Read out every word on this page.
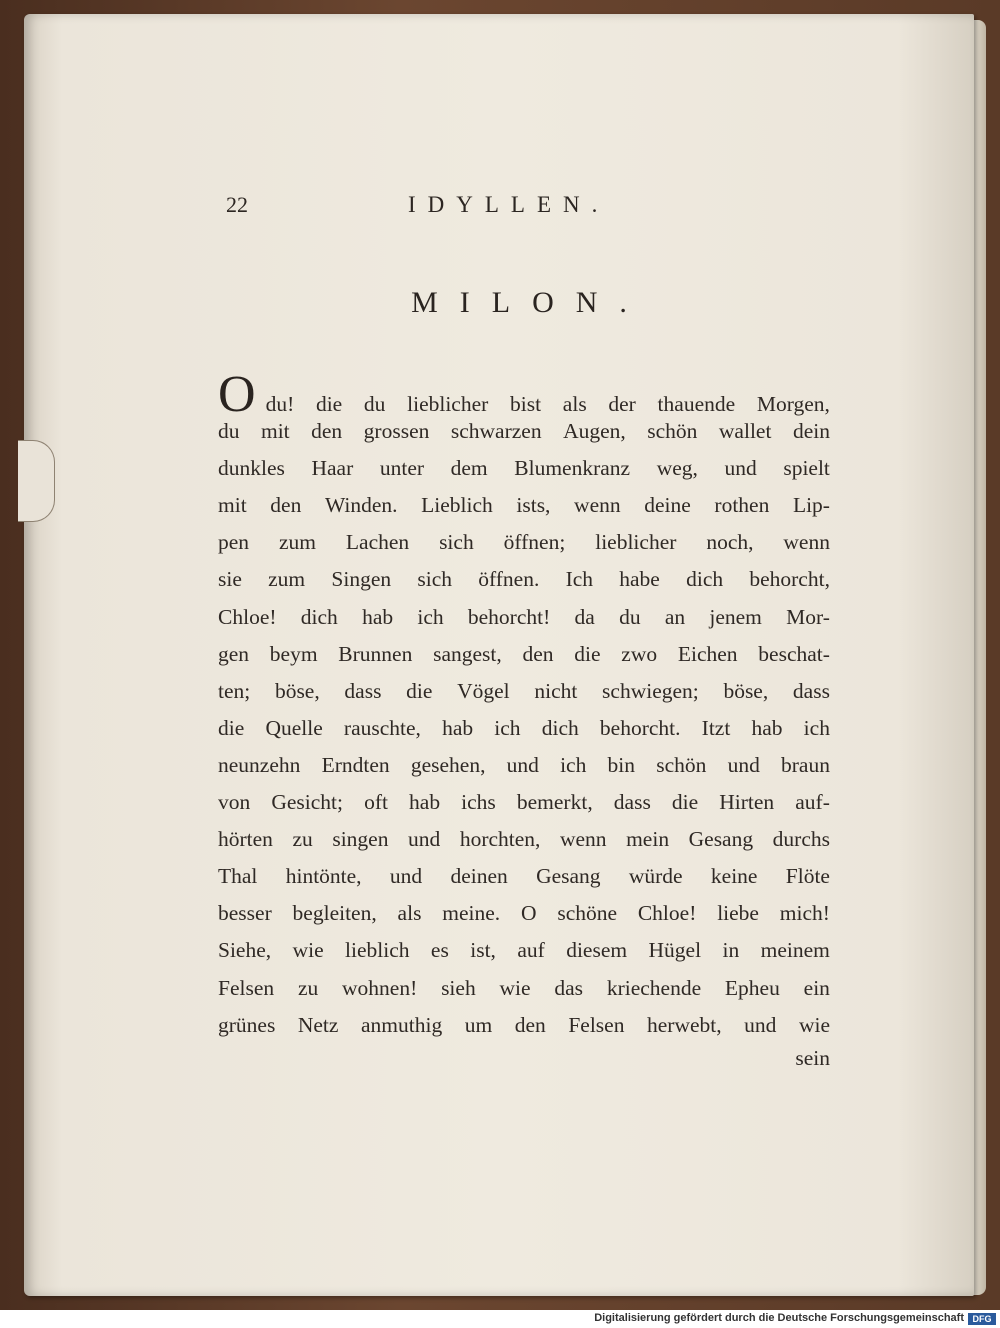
22	IDYLLEN.
MILON.
O du! die du lieblicher bist als der thauende Morgen,
du mit den grossen schwarzen Augen, schön wallet dein
dunkles Haar unter dem Blumenkranz weg, und spielt
mit den Winden. Lieblich ists, wenn deine rothen Lip-
pen zum Lachen sich öffnen; lieblicher noch, wenn
sie zum Singen sich öffnen. Ich habe dich behorcht,
Chloe! dich hab ich behorcht! da du an jenem Mor-
gen beym Brunnen sangest, den die zwo Eichen beschat-
ten; böse, dass die Vögel nicht schwiegen; böse, dass
die Quelle rauschte, hab ich dich behorcht. Itzt hab ich
neunzehn Erndten gesehen, und ich bin schön und braun
von Gesicht; oft hab ichs bemerkt, dass die Hirten auf-
hörten zu singen und horchten, wenn mein Gesang durchs
Thal hintönte, und deinen Gesang würde keine Flöte
besser begleiten, als meine. O schöne Chloe! liebe mich!
Siehe, wie lieblich es ist, auf diesem Hügel in meinem
Felsen zu wohnen! sieh wie das kriechende Epheu ein
grünes Netz anmuthig um den Felsen herwebt, und wie
sein
Digitalisierung gefördert durch die Deutsche Forschungsgemeinschaft DFG
